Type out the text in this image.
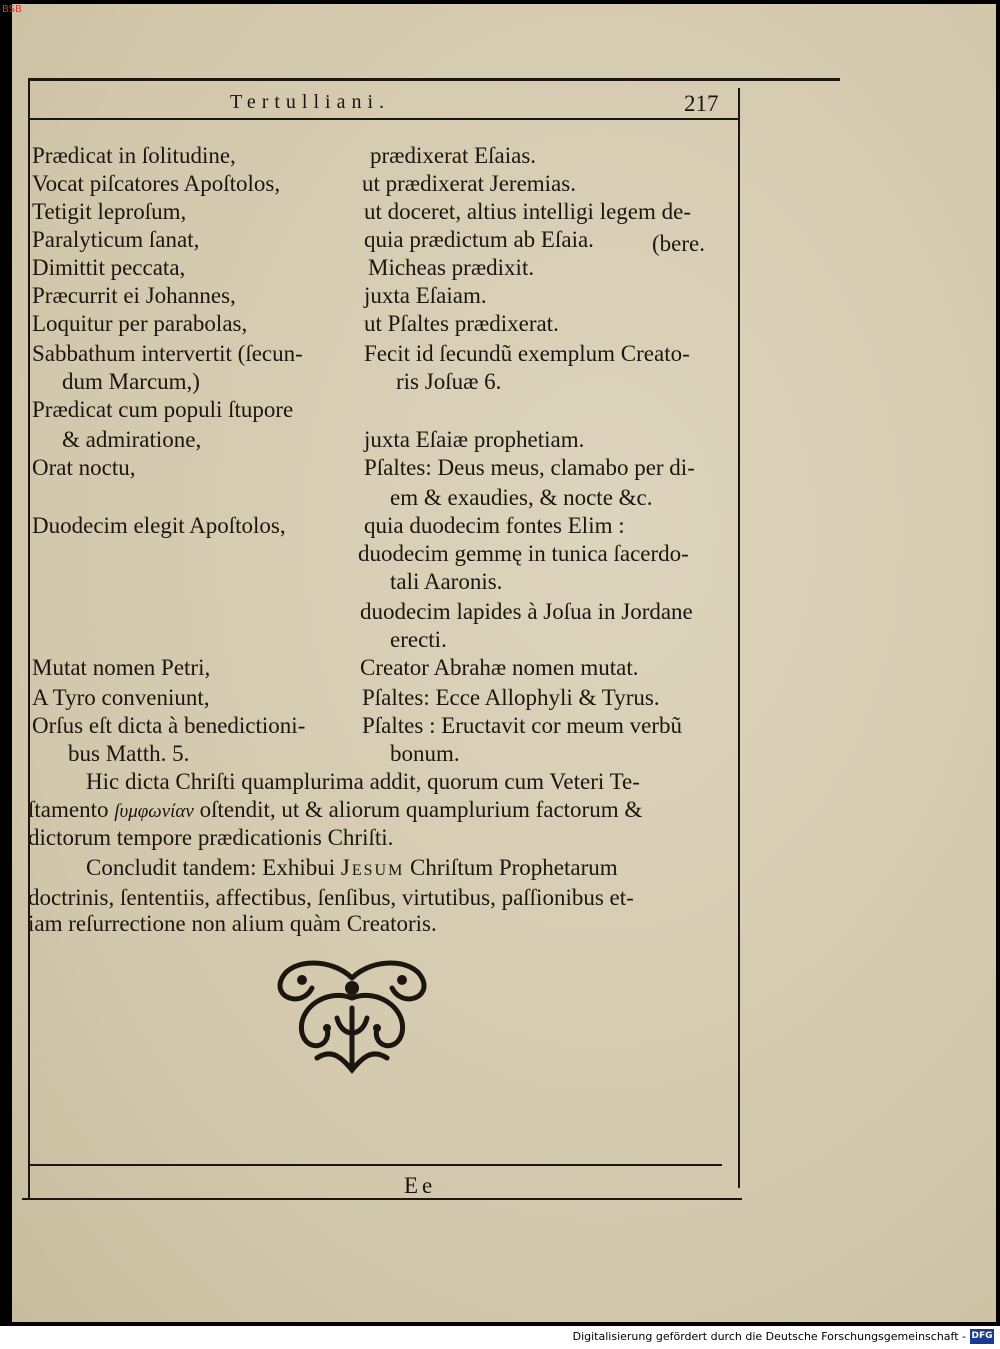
BSB
Tertulliani.	217
Prædicat in ſolitudine,
Vocat piſcatores Apoſtolos,
Tetigit leproſum,
Paralyticum ſanat,
Dimittit peccata,
Præcurrit ei Johannes,
Loquitur per parabolas,
Sabbathum intervertit (ſecun-
dum Marcum,)
Prædicat cum populi ſtupore
& admiratione,
Orat noctu,
Duodecim elegit Apoſtolos,
Mutat nomen Petri,
A Tyro conveniunt,
Orſus eſt dicta à benedictioni-
bus Matth. 5.
prædixerat Eſaias.
ut prædixerat Jeremias.
ut doceret, altius intelligi legem de-
quia prædictum ab Eſaia.	(bere.
Micheas prædixit.
juxta Eſaiam.
ut Pſaltes prædixerat.
Fecit id ſecundũ exemplum Creato-
ris Joſuæ 6.
juxta Eſaiæ prophetiam.
Pſaltes: Deus meus, clamabo per di-
em & exaudies, & nocte &c.
quia duodecim fontes Elim :
duodecim gemmę in tunica ſacerdo-
tali Aaronis.
duodecim lapides à Joſua in Jordane
erecti.
Creator Abrahæ nomen mutat.
Pſaltes: Ecce Allophyli & Tyrus.
Pſaltes : Eructavit cor meum verbũ
bonum.
Hic dicta Chriſti quamplurima addit, quorum cum Veteri Te-
ſtamento ſυμφωνίαν oſtendit, ut & aliorum quamplurium factorum &
dictorum tempore prædicationis Chriſti.
Concludit tandem: Exhibui Jesum Chriſtum Prophetarum
doctrinis, ſententiis, affectibus, ſenſibus, virtutibus, paſſionibus et-
iam reſurrectione non alium quàm Creatoris.
Ee
Digitalisierung gefördert durch die Deutsche Forschungsgemeinschaft - DFG
